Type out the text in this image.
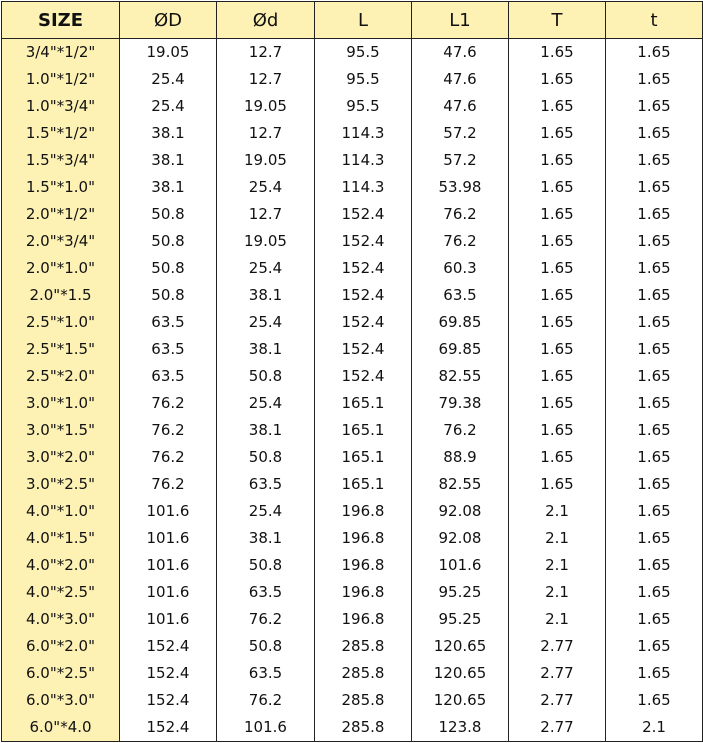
SIZE	ØD	Ød	L	L1	T	t
3/4"*1/2"	19.05	12.7	95.5	47.6	1.65	1.65
1.0"*1/2"	25.4	12.7	95.5	47.6	1.65	1.65
1.0"*3/4"	25.4	19.05	95.5	47.6	1.65	1.65
1.5"*1/2"	38.1	12.7	114.3	57.2	1.65	1.65
1.5"*3/4"	38.1	19.05	114.3	57.2	1.65	1.65
1.5"*1.0"	38.1	25.4	114.3	53.98	1.65	1.65
2.0"*1/2"	50.8	12.7	152.4	76.2	1.65	1.65
2.0"*3/4"	50.8	19.05	152.4	76.2	1.65	1.65
2.0"*1.0"	50.8	25.4	152.4	60.3	1.65	1.65
2.0"*1.5	50.8	38.1	152.4	63.5	1.65	1.65
2.5"*1.0"	63.5	25.4	152.4	69.85	1.65	1.65
2.5"*1.5"	63.5	38.1	152.4	69.85	1.65	1.65
2.5"*2.0"	63.5	50.8	152.4	82.55	1.65	1.65
3.0"*1.0"	76.2	25.4	165.1	79.38	1.65	1.65
3.0"*1.5"	76.2	38.1	165.1	76.2	1.65	1.65
3.0"*2.0"	76.2	50.8	165.1	88.9	1.65	1.65
3.0"*2.5"	76.2	63.5	165.1	82.55	1.65	1.65
4.0"*1.0"	101.6	25.4	196.8	92.08	2.1	1.65
4.0"*1.5"	101.6	38.1	196.8	92.08	2.1	1.65
4.0"*2.0"	101.6	50.8	196.8	101.6	2.1	1.65
4.0"*2.5"	101.6	63.5	196.8	95.25	2.1	1.65
4.0"*3.0"	101.6	76.2	196.8	95.25	2.1	1.65
6.0"*2.0"	152.4	50.8	285.8	120.65	2.77	1.65
6.0"*2.5"	152.4	63.5	285.8	120.65	2.77	1.65
6.0"*3.0"	152.4	76.2	285.8	120.65	2.77	1.65
6.0"*4.0	152.4	101.6	285.8	123.8	2.77	2.1
